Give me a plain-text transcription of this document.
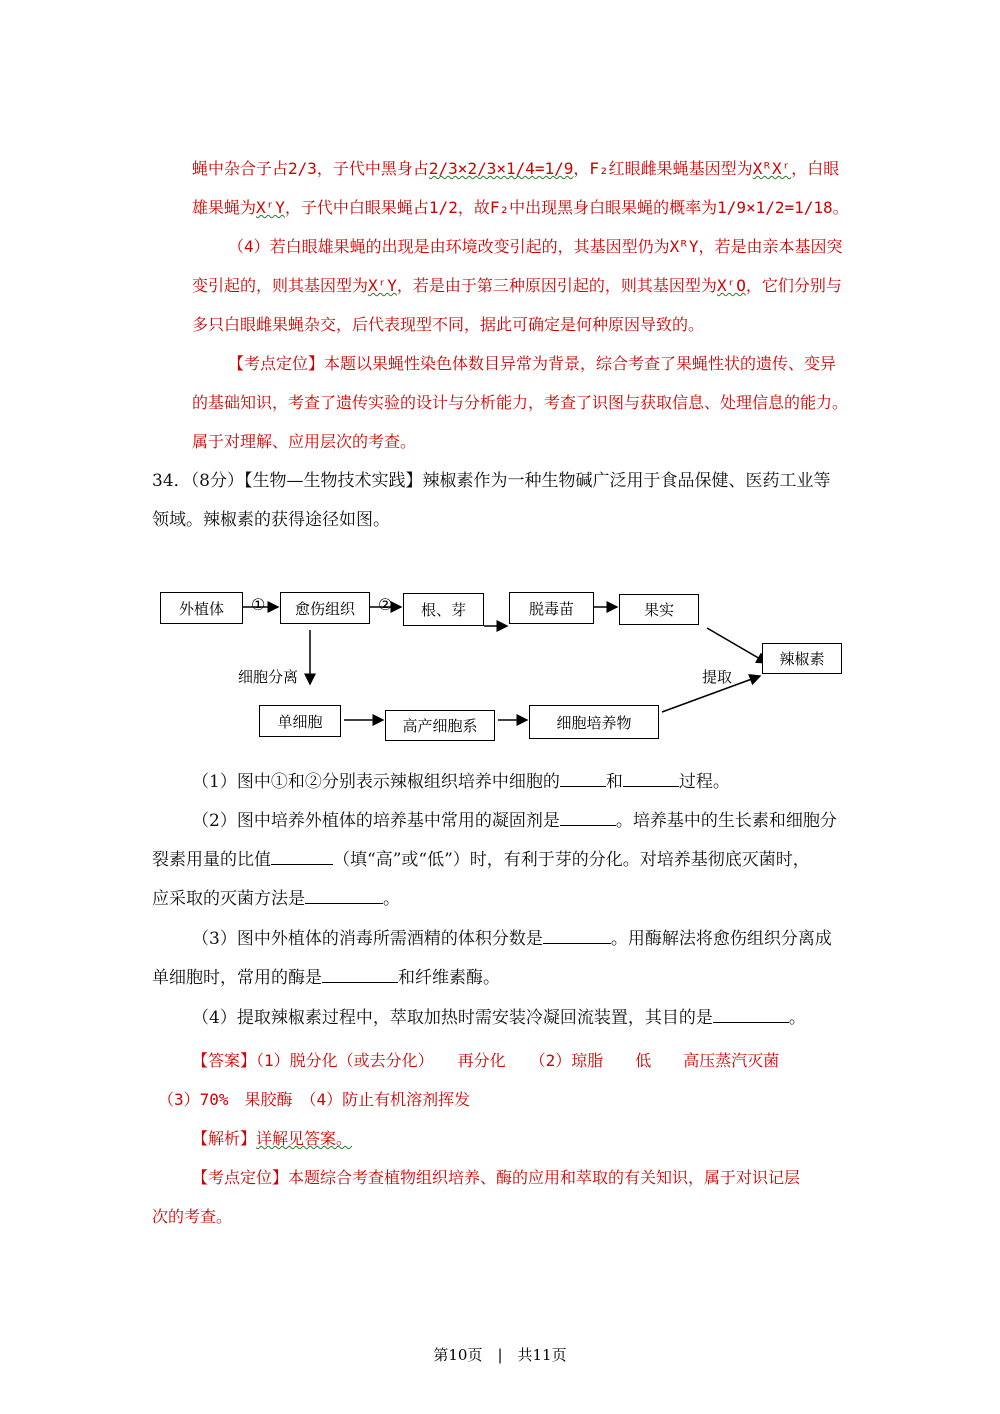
蝇中杂合子占2/3，子代中黑身占2/3×2/3×1/4=1/9，F₂红眼雌果蝇基因型为XᴿXʳ，白眼
雄果蝇为XʳY，子代中白眼果蝇占1/2，故F₂中出现黑身白眼果蝇的概率为1/9×1/2=1/18。
（4）若白眼雄果蝇的出现是由环境改变引起的，其基因型仍为XᴿY，若是由亲本基因突
变引起的，则其基因型为XʳY，若是由于第三种原因引起的，则其基因型为XʳO，它们分别与
多只白眼雌果蝇杂交，后代表现型不同，据此可确定是何种原因导致的。
【考点定位】本题以果蝇性染色体数目异常为背景，综合考查了果蝇性状的遗传、变异
的基础知识，考查了遗传实验的设计与分析能力，考查了识图与获取信息、处理信息的能力。
属于对理解、应用层次的考查。
34．（8分）【生物—生物技术实践】辣椒素作为一种生物碱广泛用于食品保健、医药工业等
领域。辣椒素的获得途径如图。
外植体	愈伤组织	根、芽	脱毒苗	果实
辣椒素
单细胞	高产细胞系	细胞培养物
①	②
细胞分离	提取
（1）图中①和②分别表示辣椒组织培养中细胞的	和	过程。
（2）图中培养外植体的培养基中常用的凝固剂是	。培养基中的生长素和细胞分
裂素用量的比值	（填“高”或“低”）时，有利于芽的分化。对培养基彻底灭菌时，
应采取的灭菌方法是	。
（3）图中外植体的消毒所需酒精的体积分数是	。用酶解法将愈伤组织分离成
单细胞时，常用的酶是	和纤维素酶。
（4）提取辣椒素过程中，萃取加热时需安装冷凝回流装置，其目的是	。
【答案】（1）脱分化（或去分化）　　再分化　　（2）琼脂　　低　　高压蒸汽灭菌
（3）70%　果胶酶　（4）防止有机溶剂挥发
【解析】详解见答案。
【考点定位】本题综合考查植物组织培养、酶的应用和萃取的有关知识，属于对识记层
次的考查。
第10页　|　共11页
